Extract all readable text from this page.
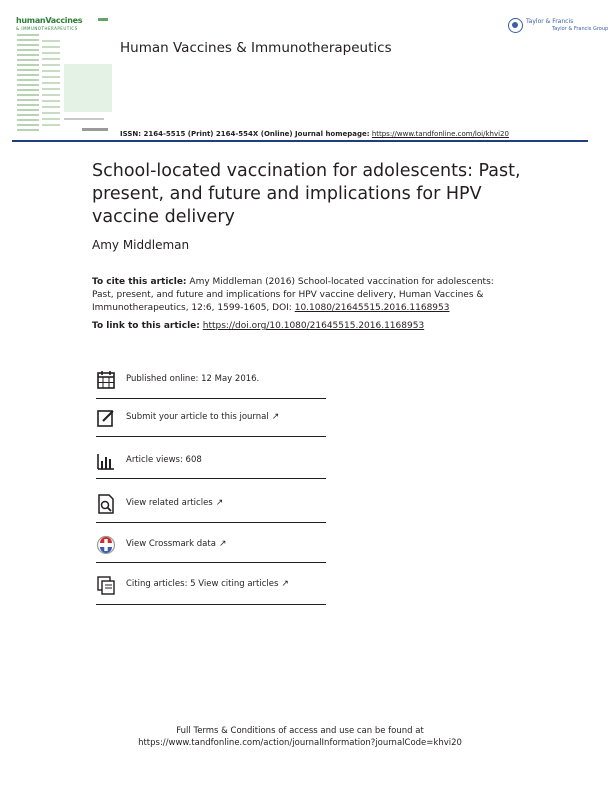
humanVaccines
& IMMUNOTHERAPEUTICS
Human Vaccines & Immunotherapeutics
Taylor & Francis
Taylor & Francis Group
ISSN: 2164-5515 (Print) 2164-554X (Online) Journal homepage: https://www.tandfonline.com/loi/khvi20
School-located vaccination for adolescents: Past, present, and future and implications for HPV vaccine delivery
Amy Middleman
To cite this article: Amy Middleman (2016) School-located vaccination for adolescents: Past, present, and future and implications for HPV vaccine delivery, Human Vaccines & Immunotherapeutics, 12:6, 1599-1605, DOI: 10.1080/21645515.2016.1168953
To link to this article: https://doi.org/10.1080/21645515.2016.1168953
Published online: 12 May 2016.
Submit your article to this journal ↗
Article views: 608
View related articles ↗
View Crossmark data ↗
Citing articles: 5 View citing articles ↗
Full Terms & Conditions of access and use can be found at
https://www.tandfonline.com/action/journalInformation?journalCode=khvi20
